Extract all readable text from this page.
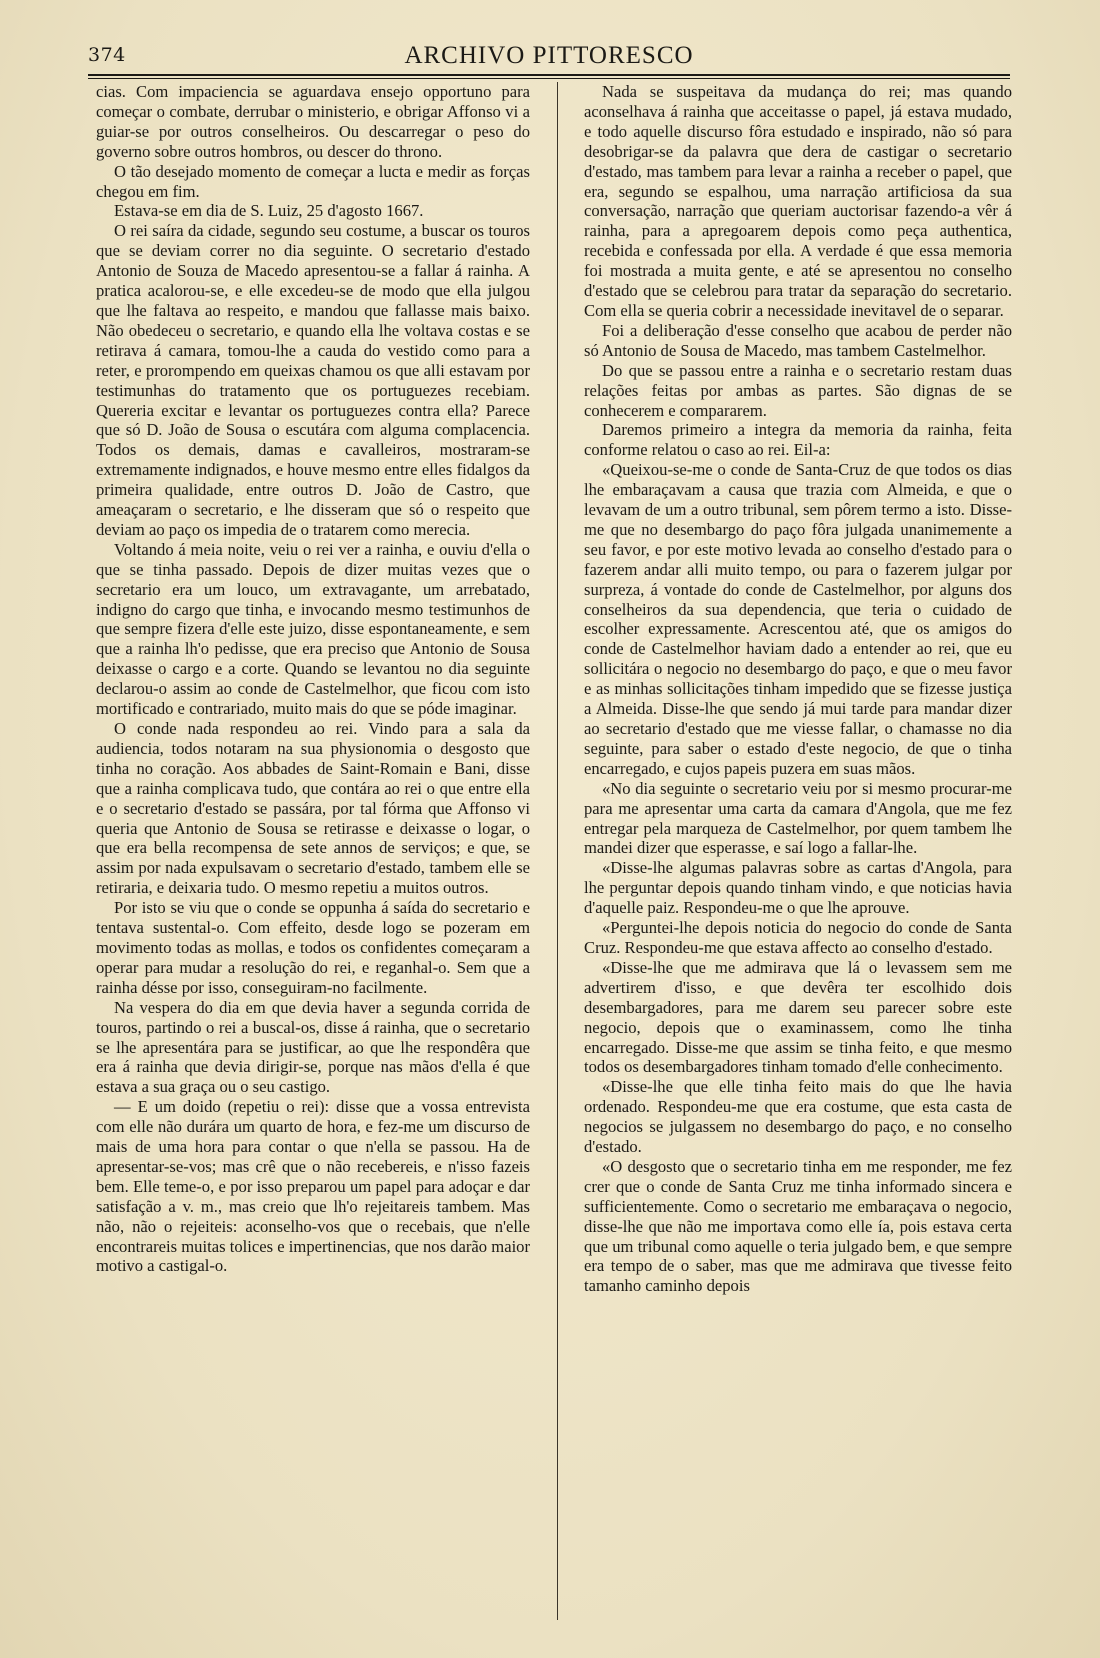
374	ARCHIVO PITTORESCO

cias. Com impaciencia se aguardava ensejo opportuno para começar o combate, derrubar o ministerio, e obrigar Affonso vi a guiar-se por outros conselheiros. Ou descarregar o peso do governo sobre outros hombros, ou descer do throno.

O tão desejado momento de começar a lucta e medir as forças chegou em fim.

Estava-se em dia de S. Luiz, 25 d'agosto 1667.

O rei saíra da cidade, segundo seu costume, a buscar os touros que se deviam correr no dia seguinte. O secretario d'estado Antonio de Souza de Macedo apresentou-se a fallar á rainha. A pratica acalorou-se, e elle excedeu-se de modo que ella julgou que lhe faltava ao respeito, e mandou que fallasse mais baixo. Não obedeceu o secretario, e quando ella lhe voltava costas e se retirava á camara, tomou-lhe a cauda do vestido como para a reter, e prorompendo em queixas chamou os que alli estavam por testimunhas do tratamento que os portuguezes recebiam. Quereria excitar e levantar os portuguezes contra ella? Parece que só D. João de Sousa o escutára com alguma complacencia. Todos os demais, damas e cavalleiros, mostraram-se extremamente indignados, e houve mesmo entre elles fidalgos da primeira qualidade, entre outros D. João de Castro, que ameaçaram o secretario, e lhe disseram que só o respeito que deviam ao paço os impedia de o tratarem como merecia.

Voltando á meia noite, veiu o rei ver a rainha, e ouviu d'ella o que se tinha passado. Depois de dizer muitas vezes que o secretario era um louco, um extravagante, um arrebatado, indigno do cargo que tinha, e invocando mesmo testimunhos de que sempre fizera d'elle este juizo, disse espontaneamente, e sem que a rainha lh'o pedisse, que era preciso que Antonio de Sousa deixasse o cargo e a corte. Quando se levantou no dia seguinte declarou-o assim ao conde de Castelmelhor, que ficou com isto mortificado e contrariado, muito mais do que se póde imaginar.

O conde nada respondeu ao rei. Vindo para a sala da audiencia, todos notaram na sua physionomia o desgosto que tinha no coração. Aos abbades de Saint-Romain e Bani, disse que a rainha complicava tudo, que contára ao rei o que entre ella e o secretario d'estado se passára, por tal fórma que Affonso vi queria que Antonio de Sousa se retirasse e deixasse o logar, o que era bella recompensa de sete annos de serviços; e que, se assim por nada expulsavam o secretario d'estado, tambem elle se retiraria, e deixaria tudo. O mesmo repetiu a muitos outros.

Por isto se viu que o conde se oppunha á saída do secretario e tentava sustental-o. Com effeito, desde logo se pozeram em movimento todas as mollas, e todos os confidentes começaram a operar para mudar a resolução do rei, e reganhal-o. Sem que a rainha désse por isso, conseguiram-no facilmente.

Na vespera do dia em que devia haver a segunda corrida de touros, partindo o rei a buscal-os, disse á rainha, que o secretario se lhe apresentára para se justificar, ao que lhe respondêra que era á rainha que devia dirigir-se, porque nas mãos d'ella é que estava a sua graça ou o seu castigo.

— E um doido (repetiu o rei): disse que a vossa entrevista com elle não durára um quarto de hora, e fez-me um discurso de mais de uma hora para contar o que n'ella se passou. Ha de apresentar-se-vos; mas crê que o não recebereis, e n'isso fazeis bem. Elle teme-o, e por isso preparou um papel para adoçar e dar satisfação a v. m., mas creio que lh'o rejeitareis tambem. Mas não, não o rejeiteis: aconselho-vos que o recebais, que n'elle encontrareis muitas tolices e impertinencias, que nos darão maior motivo a castigal-o.

Nada se suspeitava da mudança do rei; mas quando aconselhava á rainha que acceitasse o papel, já estava mudado, e todo aquelle discurso fôra estudado e inspirado, não só para desobrigar-se da palavra que dera de castigar o secretario d'estado, mas tambem para levar a rainha a receber o papel, que era, segundo se espalhou, uma narração artificiosa da sua conversação, narração que queriam auctorisar fazendo-a vêr á rainha, para a apregoarem depois como peça authentica, recebida e confessada por ella. A verdade é que essa memoria foi mostrada a muita gente, e até se apresentou no conselho d'estado que se celebrou para tratar da separação do secretario. Com ella se queria cobrir a necessidade inevitavel de o separar.

Foi a deliberação d'esse conselho que acabou de perder não só Antonio de Sousa de Macedo, mas tambem Castelmelhor.

Do que se passou entre a rainha e o secretario restam duas relações feitas por ambas as partes. São dignas de se conhecerem e compararem.

Daremos primeiro a integra da memoria da rainha, feita conforme relatou o caso ao rei. Eil-a:

«Queixou-se-me o conde de Santa-Cruz de que todos os dias lhe embaraçavam a causa que trazia com Almeida, e que o levavam de um a outro tribunal, sem pôrem termo a isto. Disse-me que no desembargo do paço fôra julgada unanimemente a seu favor, e por este motivo levada ao conselho d'estado para o fazerem andar alli muito tempo, ou para o fazerem julgar por surpreza, á vontade do conde de Castelmelhor, por alguns dos conselheiros da sua dependencia, que teria o cuidado de escolher expressamente. Acrescentou até, que os amigos do conde de Castelmelhor haviam dado a entender ao rei, que eu sollicitára o negocio no desembargo do paço, e que o meu favor e as minhas sollicitações tinham impedido que se fizesse justiça a Almeida. Disse-lhe que sendo já mui tarde para mandar dizer ao secretario d'estado que me viesse fallar, o chamasse no dia seguinte, para saber o estado d'este negocio, de que o tinha encarregado, e cujos papeis puzera em suas mãos.

«No dia seguinte o secretario veiu por si mesmo procurar-me para me apresentar uma carta da camara d'Angola, que me fez entregar pela marqueza de Castelmelhor, por quem tambem lhe mandei dizer que esperasse, e saí logo a fallar-lhe.

«Disse-lhe algumas palavras sobre as cartas d'Angola, para lhe perguntar depois quando tinham vindo, e que noticias havia d'aquelle paiz. Respondeu-me o que lhe aprouve.

«Perguntei-lhe depois noticia do negocio do conde de Santa Cruz. Respondeu-me que estava affecto ao conselho d'estado.

«Disse-lhe que me admirava que lá o levassem sem me advertirem d'isso, e que devêra ter escolhido dois desembargadores, para me darem seu parecer sobre este negocio, depois que o examinassem, como lhe tinha encarregado. Disse-me que assim se tinha feito, e que mesmo todos os desembargadores tinham tomado d'elle conhecimento.

«Disse-lhe que elle tinha feito mais do que lhe havia ordenado. Respondeu-me que era costume, que esta casta de negocios se julgassem no desembargo do paço, e no conselho d'estado.

«O desgosto que o secretario tinha em me responder, me fez crer que o conde de Santa Cruz me tinha informado sincera e sufficientemente. Como o secretario me embaraçava o negocio, disse-lhe que não me importava como elle ía, pois estava certa que um tribunal como aquelle o teria julgado bem, e que sempre era tempo de o saber, mas que me admirava que tivesse feito tamanho caminho depois
